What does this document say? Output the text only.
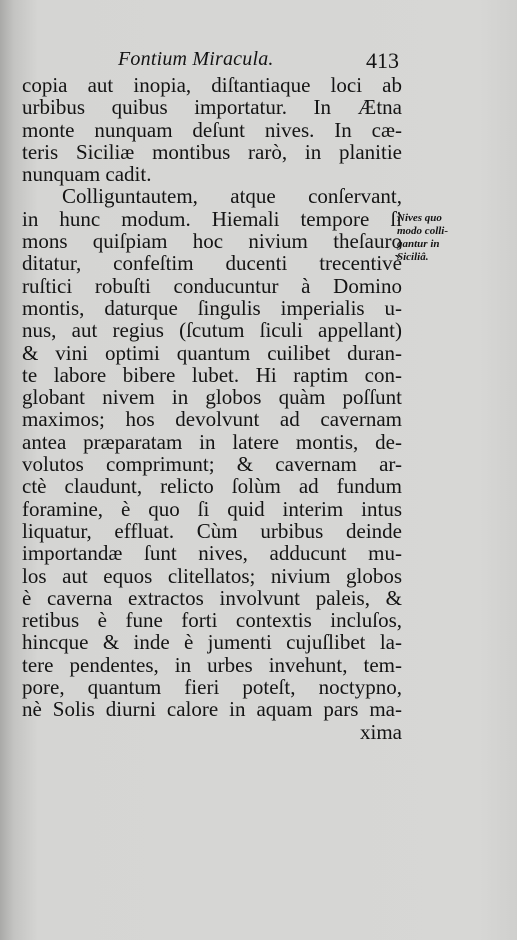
Fontium Miracula.	413
copia aut inopia, diſtantiaque loci ab
urbibus quibus importatur. In Ætna
monte nunquam deſunt nives. In cæ-
teris Siciliæ montibus rarò, in planitie
nunquam cadit.
Colliguntautem, atque conſervant,
in hunc modum. Hiemali tempore ſi
mons quiſpiam hoc nivium theſauro
ditatur, confeſtim ducenti trecentivè
ruſtici robuſti conducuntur à Domino
montis, daturque ſingulis imperialis u-
nus, aut regius (ſcutum ſiculi appellant)
& vini optimi quantum cuilibet duran-
te labore bibere lubet. Hi raptim con-
globant nivem in globos quàm poſſunt
maximos; hos devolvunt ad cavernam
antea præparatam in latere montis, de-
volutos comprimunt; & cavernam ar-
ctè claudunt, relicto ſolùm ad fundum
foramine, è quo ſi quid interim intus
liquatur, effluat. Cùm urbibus deinde
importandæ ſunt nives, adducunt mu-
los aut equos clitellatos; nivium globos
è caverna extractos involvunt paleis, &
retibus è fune forti contextis incluſos,
hincque & inde è jumenti cujuſlibet la-
tere pendentes, in urbes invehunt, tem-
pore, quantum fieri poteſt, noctурno,
nè Solis diurni calore in aquam pars ma-
xima
Nives quo
modo colli-
gantur in
Siciliâ.
